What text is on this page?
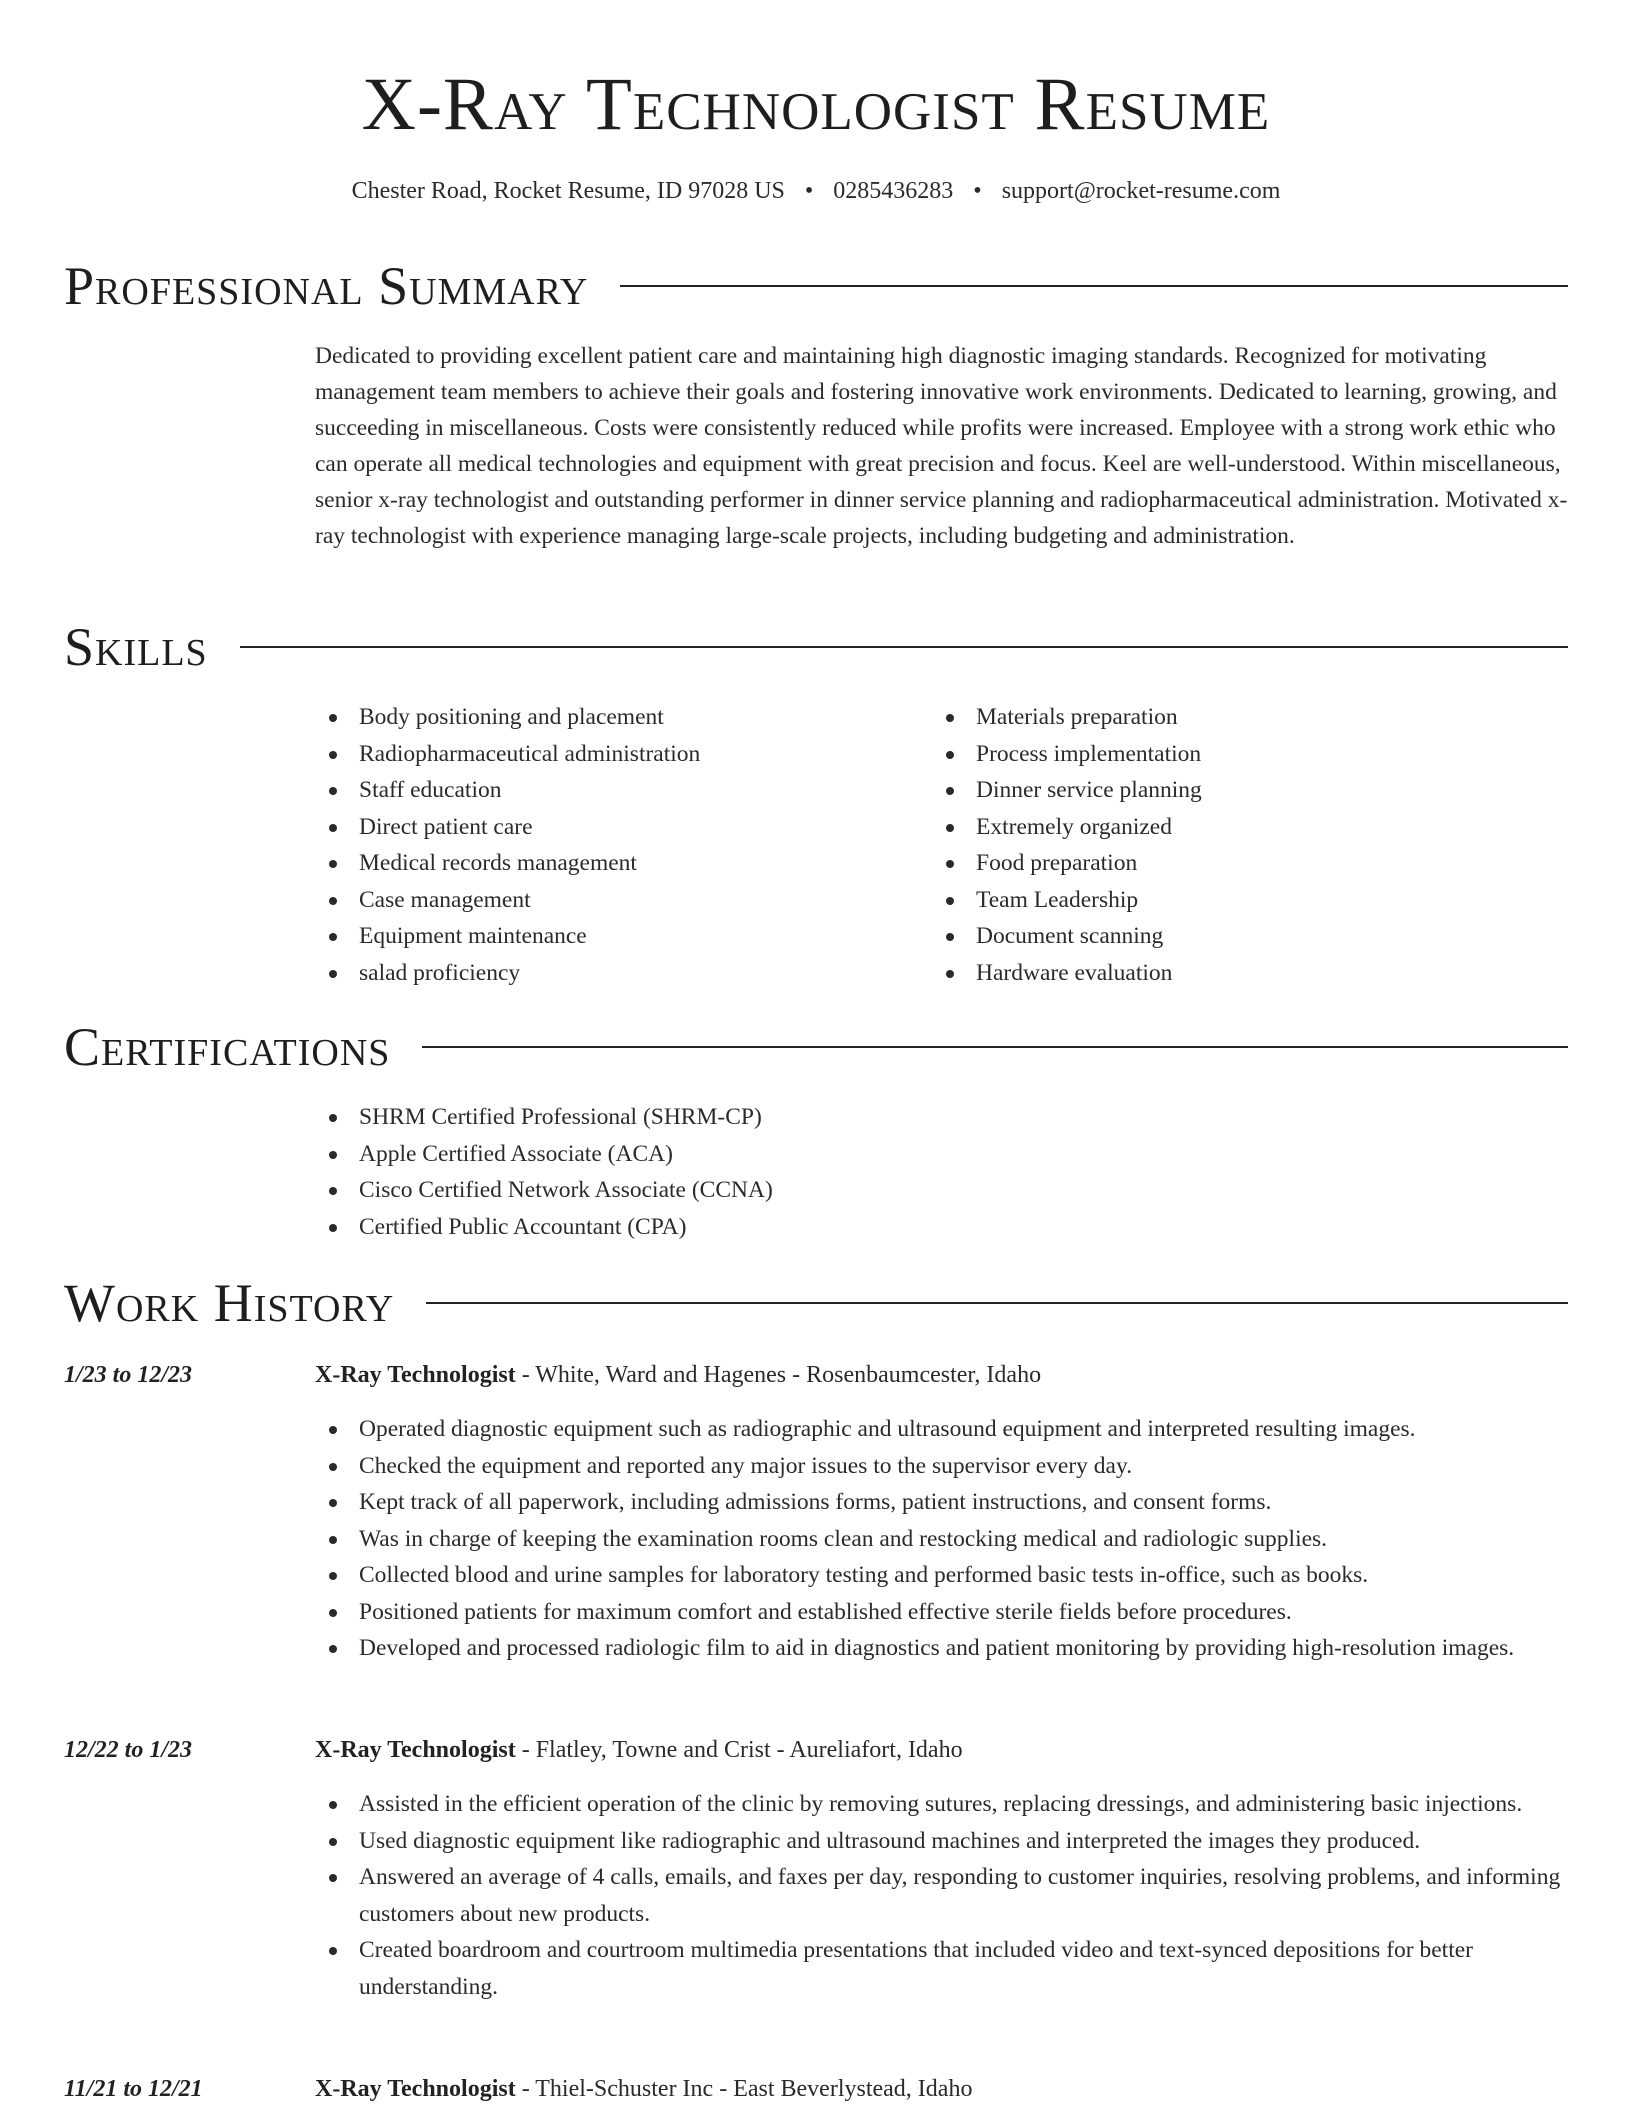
X-Ray Technologist Resume
Chester Road, Rocket Resume, ID 97028 US • 0285436283 • support@rocket-resume.com
Professional Summary

Dedicated to providing excellent patient care and maintaining high diagnostic imaging standards. Recognized for motivating management team members to achieve their goals and fostering innovative work environments. Dedicated to learning, growing, and succeeding in miscellaneous. Costs were consistently reduced while profits were increased. Employee with a strong work ethic who can operate all medical technologies and equipment with great precision and focus. Keel are well-understood. Within miscellaneous, senior x-ray technologist and outstanding performer in dinner service planning and radiopharmaceutical administration. Motivated x-ray technologist with experience managing large-scale projects, including budgeting and administration.

Skills
Body positioning and placement
Radiopharmaceutical administration
Staff education
Direct patient care
Medical records management
Case management
Equipment maintenance
salad proficiency
Materials preparation
Process implementation
Dinner service planning
Extremely organized
Food preparation
Team Leadership
Document scanning
Hardware evaluation
Certifications
SHRM Certified Professional (SHRM-CP)
Apple Certified Associate (ACA)
Cisco Certified Network Associate (CCNA)
Certified Public Accountant (CPA)
Work History
1/23 to 12/23	X-Ray Technologist - White, Ward and Hagenes - Rosenbaumcester, Idaho
Operated diagnostic equipment such as radiographic and ultrasound equipment and interpreted resulting images.
Checked the equipment and reported any major issues to the supervisor every day.
Kept track of all paperwork, including admissions forms, patient instructions, and consent forms.
Was in charge of keeping the examination rooms clean and restocking medical and radiologic supplies.
Collected blood and urine samples for laboratory testing and performed basic tests in-office, such as books.
Positioned patients for maximum comfort and established effective sterile fields before procedures.
Developed and processed radiologic film to aid in diagnostics and patient monitoring by providing high-resolution images.
12/22 to 1/23	X-Ray Technologist - Flatley, Towne and Crist - Aureliafort, Idaho
Assisted in the efficient operation of the clinic by removing sutures, replacing dressings, and administering basic injections.
Used diagnostic equipment like radiographic and ultrasound machines and interpreted the images they produced.
Answered an average of 4 calls, emails, and faxes per day, responding to customer inquiries, resolving problems, and informing customers about new products.
Created boardroom and courtroom multimedia presentations that included video and text-synced depositions for better understanding.
11/21 to 12/21	X-Ray Technologist - Thiel-Schuster Inc - East Beverlystead, Idaho
